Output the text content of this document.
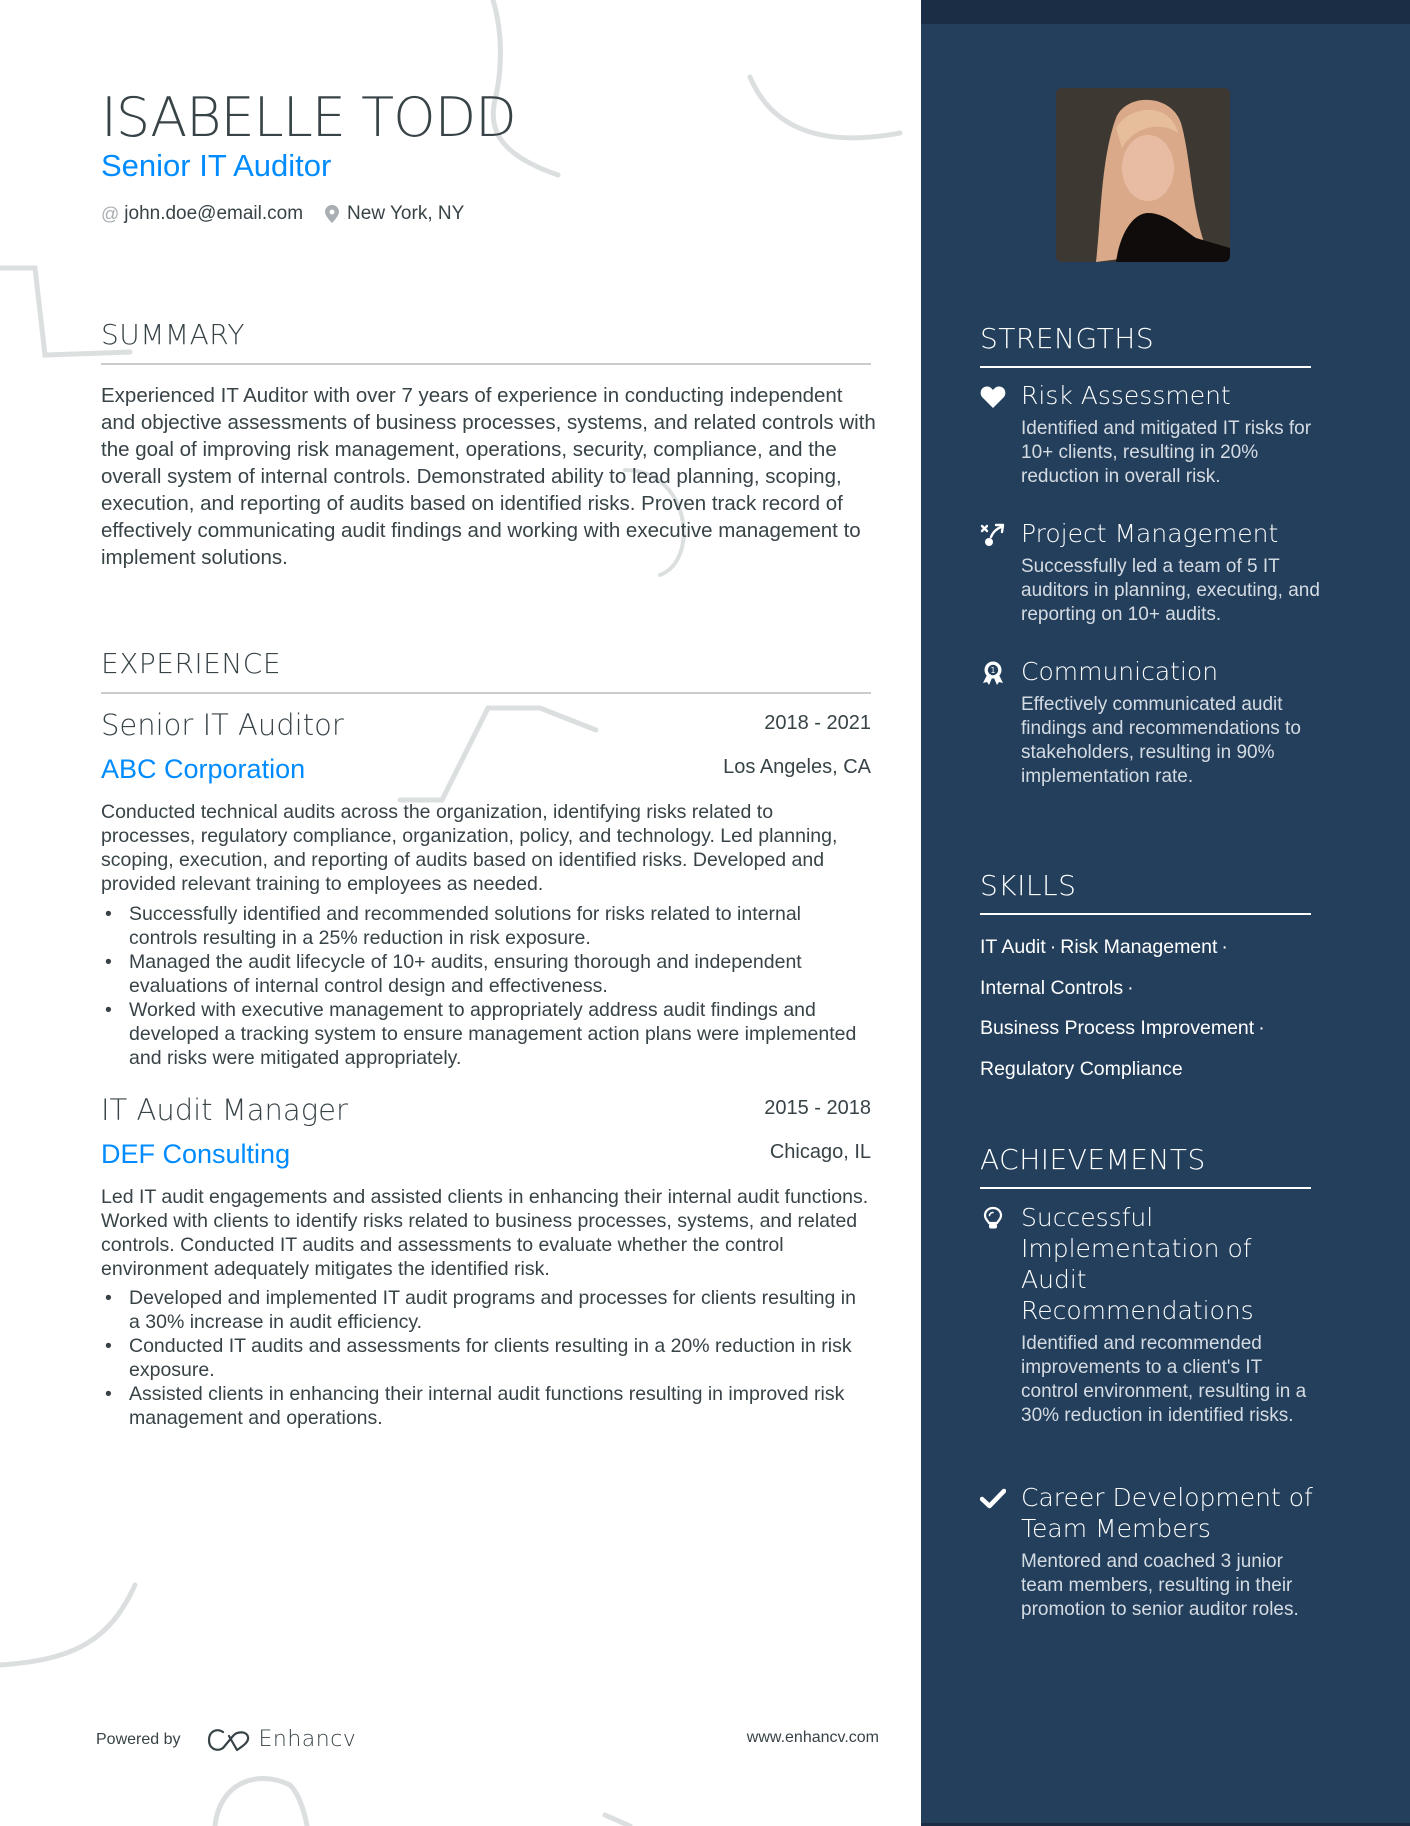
ISABELLE TODD
Senior IT Auditor
@ john.doe@email.com New York, NY
SUMMARY

Experienced IT Auditor with over 7 years of experience in conducting independent and objective assessments of business processes, systems, and related controls with the goal of improving risk management, operations, security, compliance, and the overall system of internal controls. Demonstrated ability to lead planning, scoping, execution, and reporting of audits based on identified risks. Proven track record of effectively communicating audit findings and working with executive management to implement solutions.

EXPERIENCE
Senior IT Auditor	2018 - 2021
ABC Corporation	Los Angeles, CA

Conducted technical audits across the organization, identifying risks related to processes, regulatory compliance, organization, policy, and technology. Led planning, scoping, execution, and reporting of audits based on identified risks. Developed and provided relevant training to employees as needed.

• Successfully identified and recommended solutions for risks related to internal controls resulting in a 25% reduction in risk exposure.
• Managed the audit lifecycle of 10+ audits, ensuring thorough and independent evaluations of internal control design and effectiveness.
• Worked with executive management to appropriately address audit findings and developed a tracking system to ensure management action plans were implemented and risks were mitigated appropriately.
IT Audit Manager	2015 - 2018
DEF Consulting	Chicago, IL

Led IT audit engagements and assisted clients in enhancing their internal audit functions. Worked with clients to identify risks related to business processes, systems, and related controls. Conducted IT audits and assessments to evaluate whether the control environment adequately mitigates the identified risk.

• Developed and implemented IT audit programs and processes for clients resulting in a 30% increase in audit efficiency.
• Conducted IT audits and assessments for clients resulting in a 20% reduction in risk exposure.
• Assisted clients in enhancing their internal audit functions resulting in improved risk management and operations.
Powered by	Enhancv	www.enhancv.com
STRENGTHS
Risk Assessment
Identified and mitigated IT risks for 10+ clients, resulting in 20% reduction in overall risk.
Project Management
Successfully led a team of 5 IT auditors in planning, executing, and reporting on 10+ audits.
1 Communication
Effectively communicated audit findings and recommendations to stakeholders, resulting in 90% implementation rate.
SKILLS
IT Audit · Risk Management ·
Internal Controls ·
Business Process Improvement ·
Regulatory Compliance
ACHIEVEMENTS
Successful Implementation of Audit Recommendations
Identified and recommended improvements to a client's IT control environment, resulting in a 30% reduction in identified risks.
Career Development of Team Members
Mentored and coached 3 junior team members, resulting in their promotion to senior auditor roles.
